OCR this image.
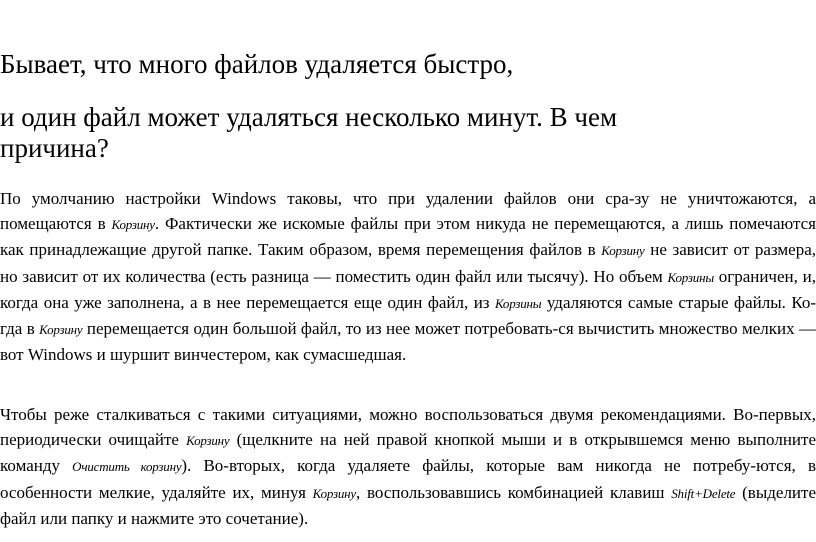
Бывает, что много файлов удаляется быстро,
и один файл может удаляться несколько минут. В чем причина?

По умолчанию настройки Windows таковы, что при удалении файлов они сра-зу не уничтожаются, а помещаются в Корзину. Фактически же искомые файлы при этом никуда не перемещаются, а лишь помечаются как принадлежащие другой папке. Таким образом, время перемещения файлов в Корзину не зависит от размера, но зависит от их количества (есть разница — поместить один файл или тысячу). Но объем Корзины ограничен, и, когда она уже заполнена, а в нее перемещается еще один файл, из Корзины удаляются самые старые файлы. Ко-гда в Корзину перемещается один большой файл, то из нее может потребовать-ся вычистить множество мелких — вот Windows и шуршит винчестером, как сумасшедшая.

Чтобы реже сталкиваться с такими ситуациями, можно воспользоваться двумя рекомендациями. Во-первых, периодически очищайте Корзину (щелкните на ней правой кнопкой мыши и в открывшемся меню выполните команду Очистить корзину). Во-вторых, когда удаляете файлы, которые вам никогда не потребу-ются, в особенности мелкие, удаляйте их, минуя Корзину, воспользовавшись комбинацией клавиш Shift+Delete (выделите файл или папку и нажмите это сочетание).
